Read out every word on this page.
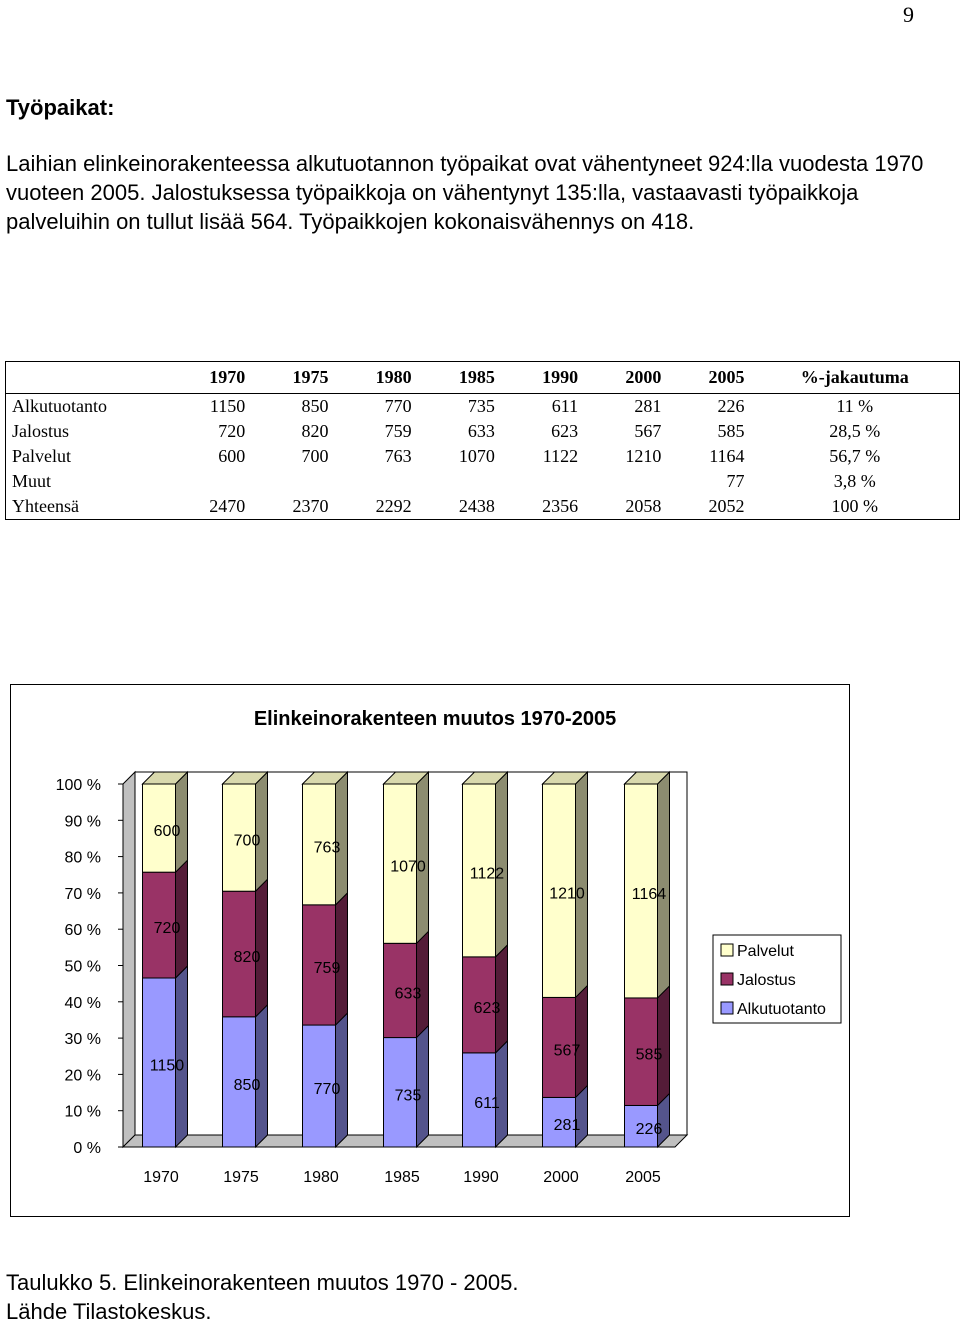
9
Työpaikat:

Laihian elinkeinorakenteessa alkutuotannon työpaikat ovat vähentyneet 924:lla vuodesta 1970 vuoteen 2005. Jalostuksessa työpaikkoja on vähentynyt 135:lla, vastaavasti työpaikkoja palveluihin on tullut lisää 564. Työpaikkojen kokonaisvähennys on 418.

	1970	1975	1980	1985	1990	2000	2005	%-jakautuma
Alkutuotanto	1150	850	770	735	611	281	226	11 %
Jalostus	720	820	759	633	623	567	585	28,5 %
Palvelut	600	700	763	1070	1122	1210	1164	56,7 %
Muut							77	3,8 %
Yhteensä	2470	2370	2292	2438	2356	2058	2052	100 %
Elinkeinorakenteen muutos 1970-2005
0 %
10 %
20 %
30 %
40 %
50 %
60 %
70 %
80 %
90 %
100 %
1150
720
600
1970
850
820
700
1975
770
759
763
1980
735
633
1070
1985
611
623
1122
1990
281
567
1210
2000
226
585
1164
2005
Palvelut
Jalostus
Alkutuotanto

Taulukko 5. Elinkeinorakenteen muutos 1970 - 2005.
Lähde Tilastokeskus.
